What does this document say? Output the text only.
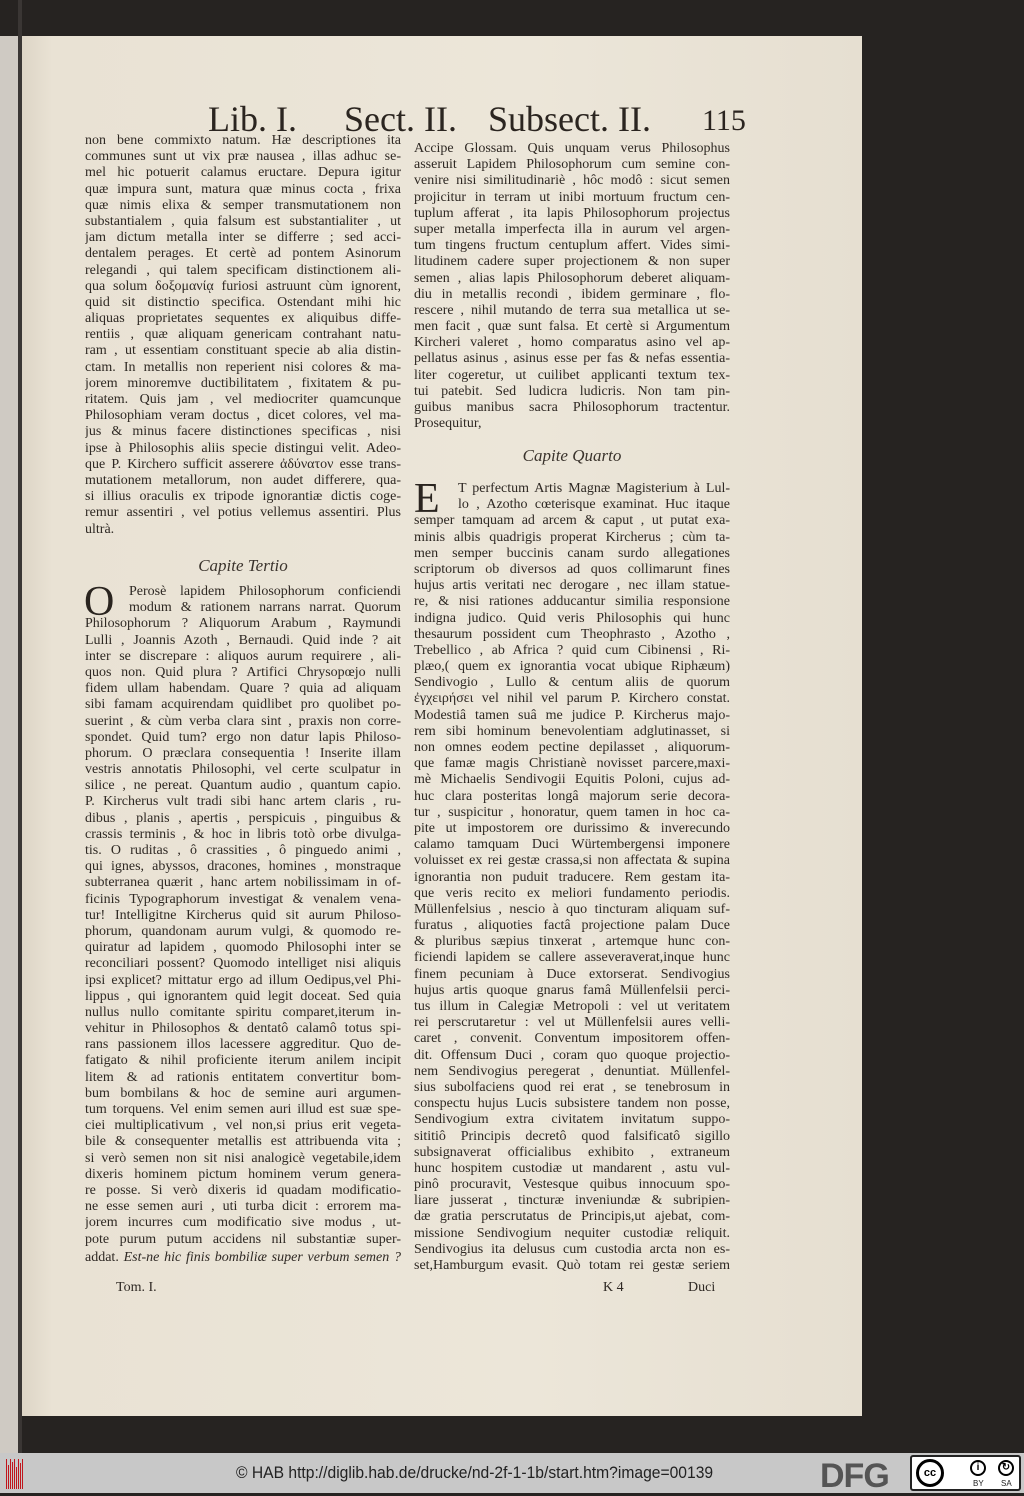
Lib. I. Sect. II. Subsect. II. 115
non bene commixto natum. Hæ descriptiones ita
communes sunt ut vix præ nausea , illas adhuc se-
mel hic potuerit calamus eructare. Depura igitur
quæ impura sunt, matura quæ minus cocta , frixa
quæ nimis elixa & semper transmutationem non
substantialem , quia falsum est substantialiter , ut
jam dictum metalla inter se differre ; sed acci-
dentalem perages. Et certè ad pontem Asinorum
relegandi , qui talem specificam distinctionem ali-
qua solum δοξομανίᾳ furiosi astruunt cùm ignorent,
quid sit distinctio specifica. Ostendant mihi hic
aliquas proprietates sequentes ex aliquibus diffe-
rentiis , quæ aliquam genericam contrahant natu-
ram , ut essentiam constituant specie ab alia distin-
ctam. In metallis non reperient nisi colores & ma-
jorem minoremve ductibilitatem , fixitatem & pu-
ritatem. Quis jam , vel mediocriter quamcunque
Philosophiam veram doctus , dicet colores, vel ma-
jus & minus facere distinctiones specificas , nisi
ipse à Philosophis aliis specie distingui velit. Adeo-
que P. Kirchero sufficit asserere ἀδύνατον esse trans-
mutationem metallorum, non audet differere, qua-
si illius oraculis ex tripode ignorantiæ dictis coge-
remur assentiri , vel potius vellemus assentiri. Plus
ultrà.
Capite Tertio
O	Perosè lapidem Philosophorum conficiendi
modum & rationem narrans narrat. Quorum
Philosophorum ? Aliquorum Arabum , Raymundi
Lulli , Joannis Azoth , Bernaudi. Quid inde ? ait
inter se discrepare : aliquos aurum requirere , ali-
quos non. Quid plura ? Artifici Chrysopœjo nulli
fidem ullam habendam. Quare ? quia ad aliquam
sibi famam acquirendam quidlibet pro quolibet po-
suerint , & cùm verba clara sint , praxis non corre-
spondet. Quid tum? ergo non datur lapis Philoso-
phorum. O præclara consequentia ! Inserite illam
vestris annotatis Philosophi, vel certe sculpatur in
silice , ne pereat. Quantum audio , quantum capio.
P. Kircherus vult tradi sibi hanc artem claris , ru-
dibus , planis , apertis , perspicuis , pinguibus &
crassis terminis , & hoc in libris totò orbe divulga-
tis. O ruditas , ô crassities , ô pinguedo animi ,
qui ignes, abyssos, dracones, homines , monstraque
subterranea quærit , hanc artem nobilissimam in of-
ficinis Typographorum investigat & venalem vena-
tur! Intelligitne Kircherus quid sit aurum Philoso-
phorum, quandonam aurum vulgi, & quomodo re-
quiratur ad lapidem , quomodo Philosophi inter se
reconciliari possent? Quomodo intelliget nisi aliquis
ipsi explicet? mittatur ergo ad illum Oedipus,vel Phi-
lippus , qui ignorantem quid legit doceat. Sed quia
nullus nullo comitante spiritu comparet,iterum in-
vehitur in Philosophos & dentatô calamô totus spi-
rans passionem illos lacessere aggreditur. Quo de-
fatigato & nihil proficiente iterum anilem incipit
litem & ad rationis entitatem convertitur bom-
bum bombilans & hoc de semine auri argumen-
tum torquens. Vel enim semen auri illud est suæ spe-
ciei multiplicativum , vel non,si prius erit vegeta-
bile & consequenter metallis est attribuenda vita ;
si verò semen non sit nisi analogicè vegetabile,idem
dixeris hominem pictum hominem verum genera-
re posse. Si verò dixeris id quadam modificatio-
ne esse semen auri , uti turba dicit : errorem ma-
jorem incurres cum modificatio sive modus , ut-
pote purum putum accidens nil substantiæ super-
addat. Est-ne hic finis bombiliæ super verbum semen ?
Tom. I.
Accipe Glossam. Quis unquam verus Philosophus
asseruit Lapidem Philosophorum cum semine con-
venire nisi similitudinariè , hôc modô : sicut semen
projicitur in terram ut inibi mortuum fructum cen-
tuplum afferat , ita lapis Philosophorum projectus
super metalla imperfecta illa in aurum vel argen-
tum tingens fructum centuplum affert. Vides simi-
litudinem cadere super projectionem & non super
semen , alias lapis Philosophorum deberet aliquam-
diu in metallis recondi , ibidem germinare , flo-
rescere , nihil mutando de terra sua metallica ut se-
men facit , quæ sunt falsa. Et certè si Argumentum
Kircheri valeret , homo comparatus asino vel ap-
pellatus asinus , asinus esse per fas & nefas essentia-
liter cogeretur, ut cuilibet applicanti textum tex-
tui patebit. Sed ludicra ludicris. Non tam pin-
guibus manibus sacra Philosophorum tractentur.
Prosequitur,
Capite Quarto
E	T perfectum Artis Magnæ Magisterium à Lul-
lo , Azotho cœterisque examinat. Huc itaque
semper tamquam ad arcem & caput , ut putat exa-
minis albis quadrigis properat Kircherus ; cùm ta-
men semper buccinis canam surdo allegationes
scriptorum ob diversos ad quos collimarunt fines
hujus artis veritati nec derogare , nec illam statue-
re, & nisi rationes adducantur similia responsione
indigna judico. Quid veris Philosophis qui hunc
thesaurum possident cum Theophrasto , Azotho ,
Trebellico , ab Africa ? quid cum Cibinensi , Ri-
plæo,( quem ex ignorantia vocat ubique Riphæum)
Sendivogio , Lullo & centum aliis de quorum
ἐγχειρήσει vel nihil vel parum P. Kirchero constat.
Modestiâ tamen suâ me judice P. Kircherus majo-
rem sibi hominum benevolentiam adglutinasset, si
non omnes eodem pectine depilasset , aliquorum-
que famæ magis Christianè novisset parcere,maxi-
mè Michaelis Sendivogii Equitis Poloni, cujus ad-
huc clara posteritas longâ majorum serie decora-
tur , suspicitur , honoratur, quem tamen in hoc ca-
pite ut impostorem ore durissimo & inverecundo
calamo tamquam Duci Würtembergensi imponere
voluisset ex rei gestæ crassa,si non affectata & supina
ignorantia non puduit traducere. Rem gestam ita-
que veris recito ex meliori fundamento periodis.
Müllenfelsius , nescio à quo tincturam aliquam suf-
furatus , aliquoties factâ projectione palam Duce
& pluribus sæpius tinxerat , artemque hunc con-
ficiendi lapidem se callere asseveraverat,inque hunc
finem pecuniam à Duce extorserat. Sendivogius
hujus artis quoque gnarus famâ Müllenfelsii perci-
tus illum in Calegiæ Metropoli : vel ut veritatem
rei perscrutaretur : vel ut Müllenfelsii aures velli-
caret , convenit. Conventum impositorem offen-
dit. Offensum Duci , coram quo quoque projectio-
nem Sendivogius peregerat , denuntiat. Müllenfel-
sius subolfaciens quod rei erat , se tenebrosum in
conspectu hujus Lucis subsistere tandem non posse,
Sendivogium extra civitatem invitatum suppo-
sititiô Principis decretô quod falsificatô sigillo
subsignaverat officialibus exhibito , extraneum
hunc hospitem custodiæ ut mandarent , astu vul-
pinô procuravit, Vestesque quibus innocuum spo-
liare jusserat , tincturæ inveniundæ & subripien-
dæ gratia perscrutatus de Principis,ut ajebat, com-
missione Sendivogium nequiter custodiæ reliquit.
Sendivogius ita delusus cum custodia arcta non es-
set,Hamburgum evasit. Quò totam rei gestæ seriem
K 4	Duci
© HAB http://diglib.hab.de/drucke/nd-2f-1-1b/start.htm?image=00139	DFG	cc	i	↻
BY SA
